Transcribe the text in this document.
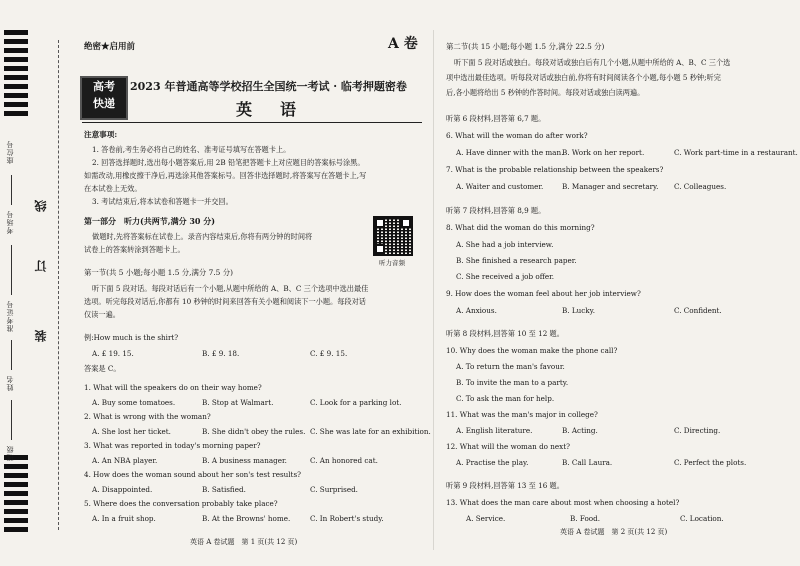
座位号
考场号
准考证号
姓名
班级
线
订
装
绝密★启用前	A 卷
高考
快递
2023 年普通高等学校招生全国统一考试 · 临考押题密卷
英　语
注意事项:
1. 答卷前,考生务必将自己的姓名、准考证号填写在答题卡上。
2. 回答选择题时,选出每小题答案后,用 2B 铅笔把答题卡上对应题目的答案标号涂黑。
如需改动,用橡皮擦干净后,再选涂其他答案标号。回答非选择题时,将答案写在答题卡上,写
在本试卷上无效。
3. 考试结束后,将本试卷和答题卡一并交回。
第一部分　听力(共两节,满分 30 分)
做题时,先将答案标在试卷上。录音内容结束后,你将有两分钟的时间将
试卷上的答案转涂到答题卡上。
听力音频
第一节(共 5 小题;每小题 1.5 分,满分 7.5 分)
听下面 5 段对话。每段对话后有一个小题,从题中所给的 A、B、C 三个选项中选出最佳
选项。听完每段对话后,你都有 10 秒钟的时间来回答有关小题和阅读下一小题。每段对话
仅读一遍。
例:How much is the shirt?
A. £ 19. 15.	B. £ 9. 18.	C. £ 9. 15.
答案是 C。
1. What will the speakers do on their way home?
A. Buy some tomatoes.	B. Stop at Walmart.	C. Look for a parking lot.
2. What is wrong with the woman?
A. She lost her ticket.	B. She didn't obey the rules. C. She was late for an exhibition.
3. What was reported in today's morning paper?
A. An NBA player.	B. A business manager.	C. An honored cat.
4. How does the woman sound about her son's test results?
A. Disappointed.	B. Satisfied.	C. Surprised.
5. Where does the conversation probably take place?
A. In a fruit shop.	B. At the Browns' home.	C. In Robert's study.
英语 A 卷试题　第 1 页(共 12 页)
第二节(共 15 小题;每小题 1.5 分,满分 22.5 分)
听下面 5 段对话或独白。每段对话或独白后有几个小题,从题中所给的 A、B、C 三个选
项中选出最佳选项。听每段对话或独白前,你将有时间阅读各个小题,每小题 5 秒钟;听完
后,各小题将给出 5 秒钟的作答时间。每段对话或独白读两遍。
听第 6 段材料,回答第 6,7 题。
6. What will the woman do after work?
A. Have dinner with the man.
B. Work on her report.	C. Work part-time in a restaurant.
7. What is the probable relationship between the speakers?
A. Waiter and customer.	B. Manager and secretary. C. Colleagues.
听第 7 段材料,回答第 8,9 题。
8. What did the woman do this morning?
A. She had a job interview.
B. She finished a research paper.
C. She received a job offer.
9. How does the woman feel about her job interview?
A. Anxious.	B. Lucky.	C. Confident.
听第 8 段材料,回答第 10 至 12 题。
10. Why does the woman make the phone call?
A. To return the man's favour.
B. To invite the man to a party.
C. To ask the man for help.
11. What was the man's major in college?
A. English literature.	B. Acting.	C. Directing.
12. What will the woman do next?
A. Practise the play.	B. Call Laura.	C. Perfect the plots.
听第 9 段材料,回答第 13 至 16 题。
13. What does the man care about most when choosing a hotel?
A. Service.	B. Food.	C. Location.
英语 A 卷试题　第 2 页(共 12 页)
